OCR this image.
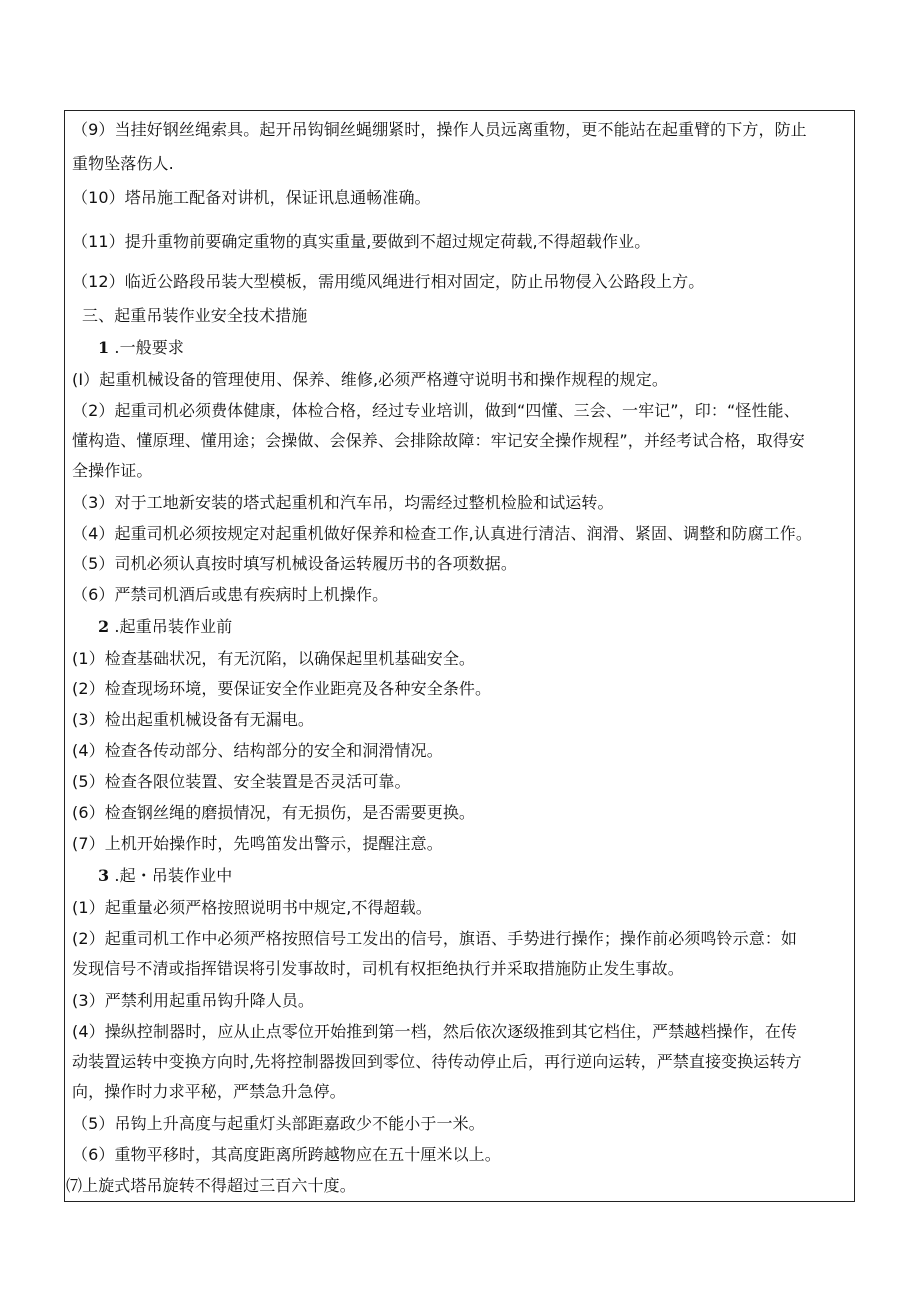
（9）当挂好钢丝绳索具。起开吊钩铜丝蝇绷紧时，操作人员远离重物，更不能站在起重臂的下方，防止
重物坠落伤人.
（10）塔吊施工配备对讲机，保证讯息通畅准确。
（11）提升重物前要确定重物的真实重量,要做到不超过规定荷载,不得超载作业。
（12）临近公路段吊装大型模板，需用缆风绳进行相对固定，防止吊物侵入公路段上方。
三、起重吊装作业安全技术措施
1 .一般要求
(I）起重机械设备的管理使用、保养、维修,必须严格遵守说明书和操作规程的规定。
（2）起重司机必须费体健康，体检合格，经过专业培训，做到“四懂、三会、一牢记”，印：“怪性能、
懂构造、懂原理、懂用途；会操做、会保养、会排除故障：牢记安全操作规程”，并经考试合格，取得安
全操作证。
（3）对于工地新安装的塔式起重机和汽车吊，均需经过整机检脸和试运转。
（4）起重司机必须按规定对起重机做好保养和检查工作,认真进行清洁、润滑、紧固、调整和防腐工作。
（5）司机必须认真按时填写机械设备运转履历书的各项数据。
（6）严禁司机酒后或患有疾病时上机操作。
2 .起重吊装作业前
(1）检查基础状况，有无沉陷，以确保起里机基础安全。
(2）检查现场环境，要保证安全作业距亮及各种安全条件。
(3）检出起重机械设备有无漏电。
(4）检查各传动部分、结构部分的安全和洞滑情况。
(5）检查各限位装置、安全装置是否灵活可靠。
(6）检查钢丝绳的磨损情况，有无损伤，是否需要更换。
(7）上机开始操作时，先鸣笛发出警示，提醒注意。
3 .起・吊装作业中
(1）起重量必须严格按照说明书中规定,不得超载。
(2）起重司机工作中必须严格按照信号工发出的信号，旗语、手势进行操作；操作前必须鸣铃示意：如
发现信号不清或指挥错误将引发事故时，司机有权拒绝执行并采取措施防止发生事故。
(3）严禁利用起重吊钩升降人员。
(4）操纵控制器时，应从止点零位开始推到第一档，然后依次逐级推到其它档住，严禁越档操作，在传
动装置运转中变换方向时,先将控制器拨回到零位、待传动停止后，再行逆向运转，严禁直接变换运转方
向，操作时力求平秘，严禁急升急停。
（5）吊钩上升高度与起重灯头部距嘉政少不能小于一米。
（6）重物平移时，其高度距离所跨越物应在五十厘米以上。
⑺上旋式塔吊旋转不得超过三百六十度。
